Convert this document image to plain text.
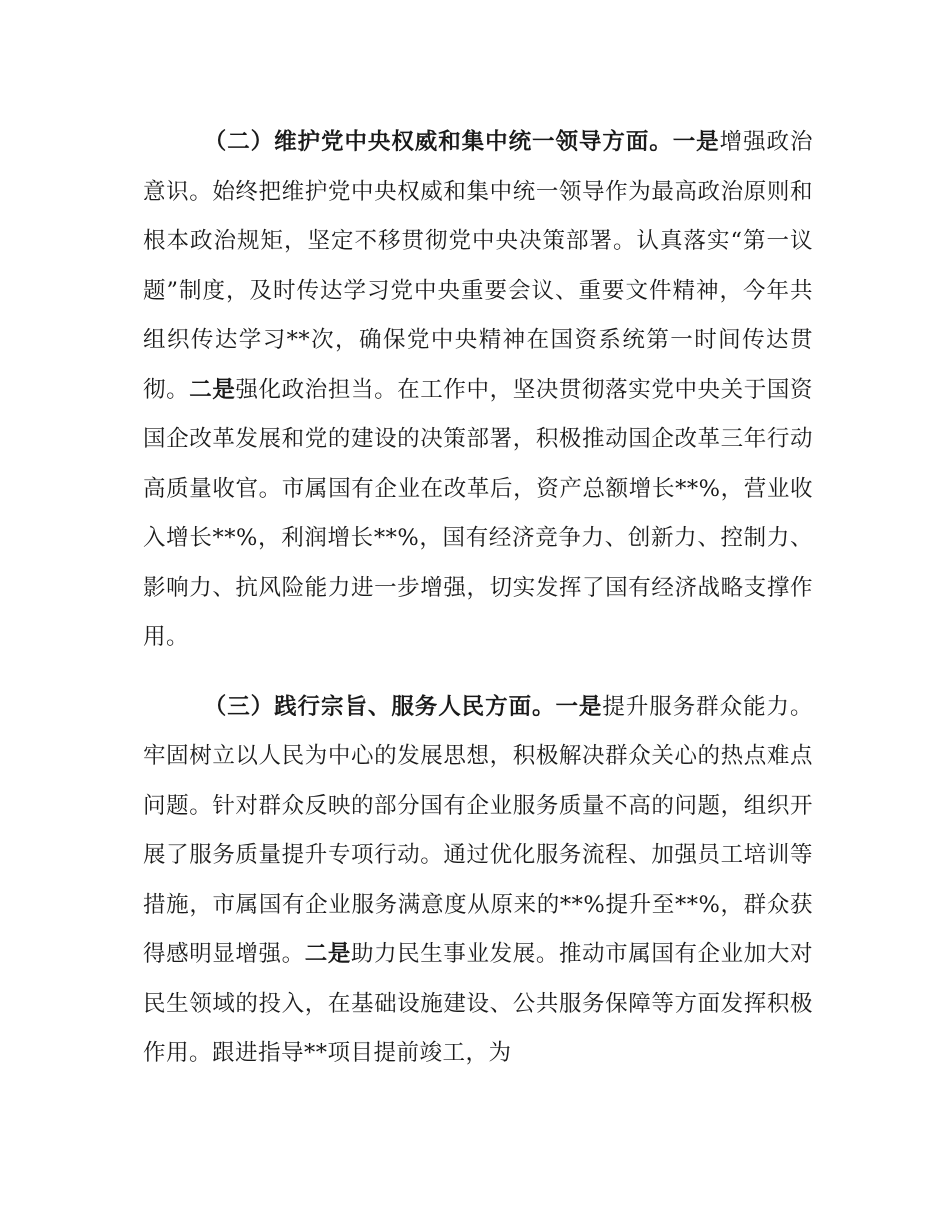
（二）维护党中央权威和集中统一领导方面。一是增强政治意识。始终把维护党中央权威和集中统一领导作为最高政治原则和根本政治规矩，坚定不移贯彻党中央决策部署。认真落实“第一议题”制度，及时传达学习党中央重要会议、重要文件精神，今年共组织传达学习**次，确保党中央精神在国资系统第一时间传达贯彻。二是强化政治担当。在工作中，坚决贯彻落实党中央关于国资国企改革发展和党的建设的决策部署，积极推动国企改革三年行动高质量收官。市属国有企业在改革后，资产总额增长**%，营业收入增长**%，利润增长**%，国有经济竞争力、创新力、控制力、影响力、抗风险能力进一步增强，切实发挥了国有经济战略支撑作用。

（三）践行宗旨、服务人民方面。一是提升服务群众能力。牢固树立以人民为中心的发展思想，积极解决群众关心的热点难点问题。针对群众反映的部分国有企业服务质量不高的问题，组织开展了服务质量提升专项行动。通过优化服务流程、加强员工培训等措施，市属国有企业服务满意度从原来的**%提升至**%，群众获得感明显增强。二是助力民生事业发展。推动市属国有企业加大对民生领域的投入，在基础设施建设、公共服务保障等方面发挥积极作用。跟进指导**项目提前竣工，为
